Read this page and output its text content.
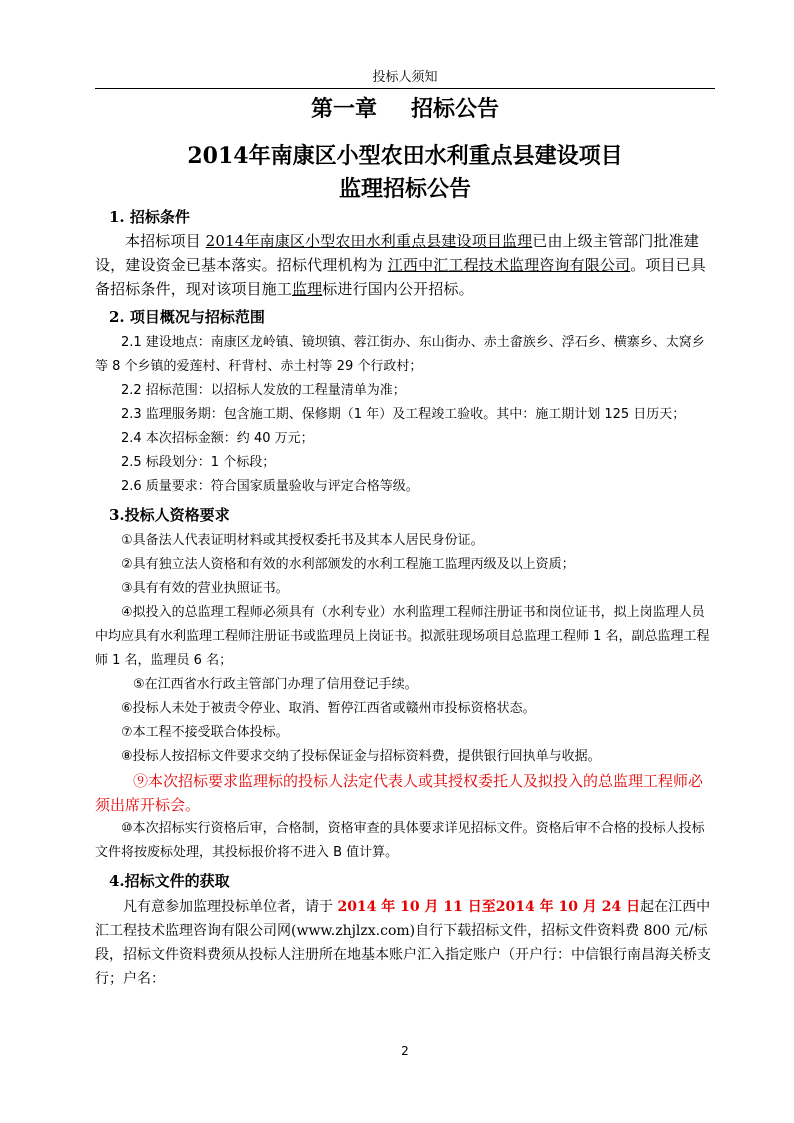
投标人须知
第一章 招标公告
2014年南康区小型农田水利重点县建设项目
监理招标公告
1. 招标条件

本招标项目 2014年南康区小型农田水利重点县建设项目监理已由上级主管部门批准建设，建设资金已基本落实。招标代理机构为 江西中汇工程技术监理咨询有限公司。项目已具备招标条件，现对该项目施工监理标进行国内公开招标。

2. 项目概况与招标范围

2.1 建设地点：南康区龙岭镇、镜坝镇、蓉江街办、东山街办、赤土畲族乡、浮石乡、横寨乡、太窝乡等 8 个乡镇的爱莲村、秆背村、赤土村等 29 个行政村；

2.2 招标范围：以招标人发放的工程量清单为准；

2.3 监理服务期：包含施工期、保修期（1 年）及工程竣工验收。其中：施工期计划 125 日历天；

2.4 本次招标金额：约 40 万元；

2.5 标段划分：1 个标段；

2.6 质量要求：符合国家质量验收与评定合格等级。

3.投标人资格要求

①具备法人代表证明材料或其授权委托书及其本人居民身份证。

②具有独立法人资格和有效的水利部颁发的水利工程施工监理丙级及以上资质；

③具有有效的营业执照证书。

④拟投入的总监理工程师必须具有（水利专业）水利监理工程师注册证书和岗位证书，拟上岗监理人员中均应具有水利监理工程师注册证书或监理员上岗证书。拟派驻现场项目总监理工程师 1 名，副总监理工程师 1 名，监理员 6 名；

⑤在江西省水行政主管部门办理了信用登记手续。

⑥投标人未处于被责令停业、取消、暂停江西省或赣州市投标资格状态。

⑦本工程不接受联合体投标。

⑧投标人按招标文件要求交纳了投标保证金与招标资料费，提供银行回执单与收据。

⑨本次招标要求监理标的投标人法定代表人或其授权委托人及拟投入的总监理工程师必须出席开标会。

⑩本次招标实行资格后审，合格制，资格审查的具体要求详见招标文件。资格后审不合格的投标人投标文件将按废标处理，其投标报价将不进入 B 值计算。

4.招标文件的获取

凡有意参加监理投标单位者，请于 2014 年 10 月 11 日至2014 年 10 月 24 日起在江西中汇工程技术监理咨询有限公司网(www.zhjlzx.com)自行下载招标文件，招标文件资料费 800 元/标段，招标文件资料费须从投标人注册所在地基本账户汇入指定账户（开户行：中信银行南昌海关桥支行；户名：

2
